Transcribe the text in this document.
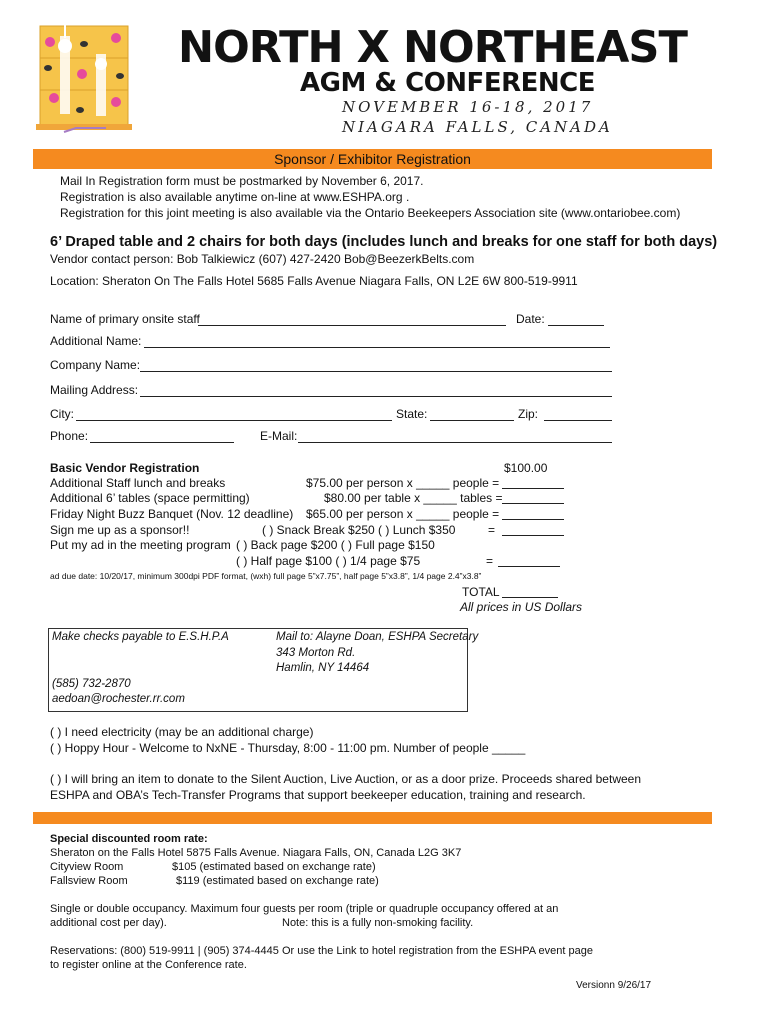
NORTH X NORTHEAST
AGM & CONFERENCE
NOVEMBER 16-18, 2017
NIAGARA FALLS, CANADA
Sponsor / Exhibitor Registration
Mail In Registration form must be postmarked by November 6, 2017.
Registration is also available anytime on-line at www.ESHPA.org .
Registration for this joint meeting is also available via the Ontario Beekeepers Association site (www.ontariobee.com)
6’ Draped table and 2 chairs for both days (includes lunch and breaks for one staff for both days)
Vendor contact person: Bob Talkiewicz (607) 427-2420 Bob@BeezerkBelts.com
Location: Sheraton On The Falls Hotel 5685 Falls Avenue Niagara Falls, ON L2E 6W 800-519-9911
Name of primary onsite staff	Date:
Additional Name:
Company Name:
Mailing Address:
City:	State:	Zip:
Phone:	E-Mail:
Basic Vendor Registration	$100.00
Additional Staff lunch and breaks	$75.00 per person x _____ people =
Additional 6’ tables (space permitting)	$80.00 per table x _____ tables =
Friday Night Buzz Banquet (Nov. 12 deadline) $65.00 per person x _____ people =
Sign me up as a sponsor!!	( ) Snack Break $250 ( ) Lunch $350	=
Put my ad in the meeting program ( ) Back page $200 ( ) Full page $150
( ) Half page $100 ( ) 1/4 page $75	=
ad due date: 10/20/17, minimum 300dpi PDF format, (wxh) full page 5”x7.75”, half page 5”x3.8”, 1/4 page 2.4”x3.8”
TOTAL
All prices in US Dollars
Make checks payable to E.S.H.P.A	Mail to: Alayne Doan, ESHPA Secretary
343 Morton Rd.
Hamlin, NY 14464
(585) 732-2870
aedoan@rochester.rr.com
( ) I need electricity (may be an additional charge)
( ) Hoppy Hour - Welcome to NxNE - Thursday, 8:00 - 11:00 pm. Number of people _____
( ) I will bring an item to donate to the Silent Auction, Live Auction, or as a door prize. Proceeds shared between
ESHPA and OBA’s Tech-Transfer Programs that support beekeeper education, training and research.
Special discounted room rate:
Sheraton on the Falls Hotel 5875 Falls Avenue. Niagara Falls, ON, Canada L2G 3K7
Cityview Room	$105 (estimated based on exchange rate)
Fallsview Room	$119 (estimated based on exchange rate)
Single or double occupancy. Maximum four guests per room (triple or quadruple occupancy offered at an
additional cost per day).	Note: this is a fully non-smoking facility.
Reservations: (800) 519-9911 | (905) 374-4445 Or use the Link to hotel registration from the ESHPA event page
to register online at the Conference rate.
Versionn 9/26/17
